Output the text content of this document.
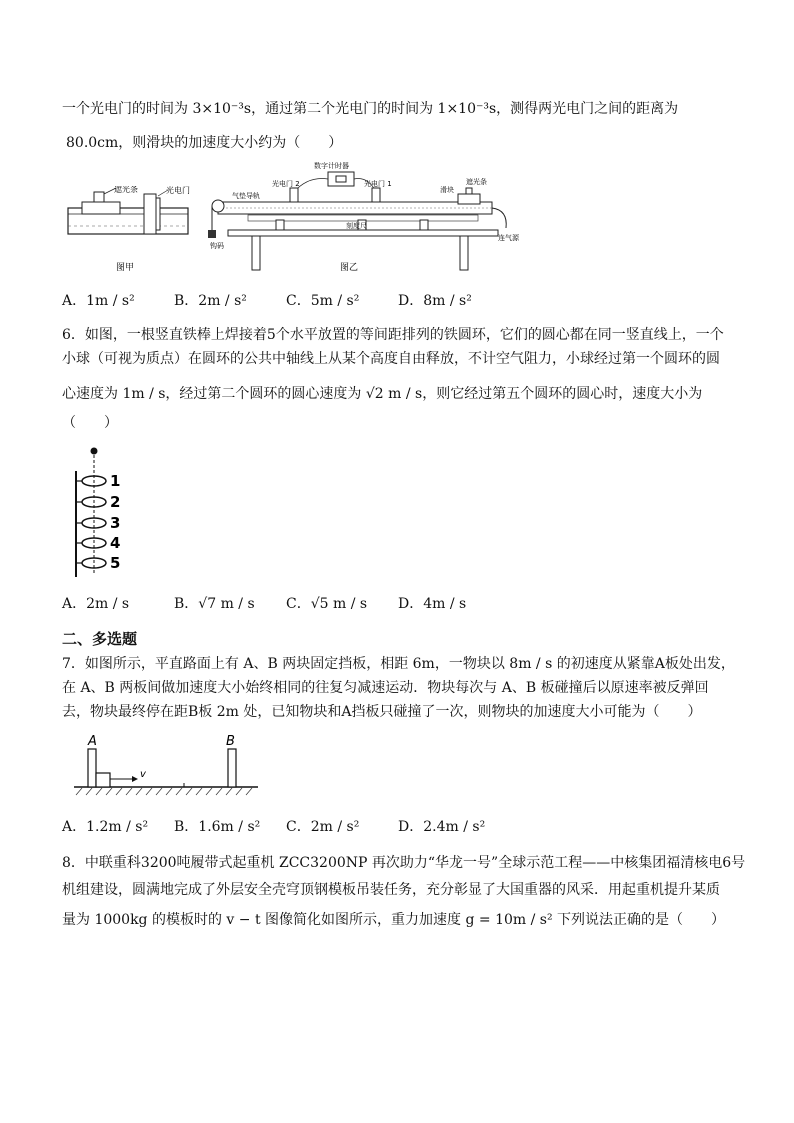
一个光电门的时间为 3×10⁻³s，通过第二个光电门的时间为 1×10⁻³s，测得两光电门之间的距离为
80.0cm，则滑块的加速度大小约为（　　）
遮光条	光电门
图甲
数字计时器
光电门 2	光电门 1
气垫导轨
滑块
遮光条
刻度尺
钩码
连气源
图乙
A．1m / s²	B．2m / s²	C．5m / s²	D．8m / s²
6．如图，一根竖直铁棒上焊接着5个水平放置的等间距排列的铁圆环，它们的圆心都在同一竖直线上，一个
小球（可视为质点）在圆环的公共中轴线上从某个高度自由释放，不计空气阻力，小球经过第一个圆环的圆
心速度为 1m / s，经过第二个圆环的圆心速度为 √2 m / s，则它经过第五个圆环的圆心时，速度大小为
（　　）
1
2
3
4
5
A．2m / s	B．√7 m / s C．√5 m / s D．4m / s
二、多选题
7．如图所示，平直路面上有 A、B 两块固定挡板，相距 6m，一物块以 8m / s 的初速度从紧靠A板处出发，
在 A、B 两板间做加速度大小始终相同的往复匀减速运动．物块每次与 A、B 板碰撞后以原速率被反弹回
去，物块最终停在距B板 2m 处，已知物块和A挡板只碰撞了一次，则物块的加速度大小可能为（　　）
A	B
v
A．1.2m / s² B．1.6m / s² C．2m / s²	D．2.4m / s²
8．中联重科3200吨履带式起重机 ZCC3200NP 再次助力“华龙一号”全球示范工程——中核集团福清核电6号
机组建设，圆满地完成了外层安全壳穹顶钢模板吊装任务，充分彰显了大国重器的风采．用起重机提升某质
量为 1000kg 的模板时的 v − t 图像简化如图所示，重力加速度 g = 10m / s² 下列说法正确的是（　　）
